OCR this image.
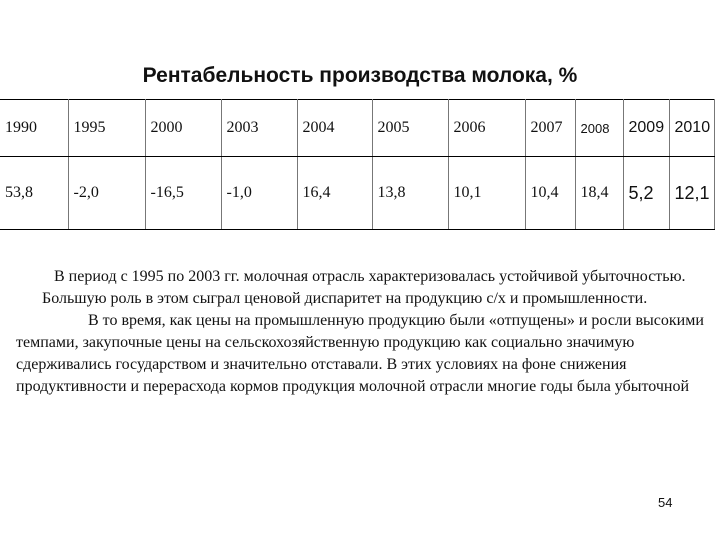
Рентабельность производства молока, %
1990	1995	2000	2003	2004	2005	2006	2007	2008	2009	2010
53,8	-2,0	-16,5	-1,0	16,4	13,8	10,1	10,4	18,4	5,2	12,1

В период с 1995 по 2003 гг. молочная отрасль характеризовалась устойчивой убыточностью.

Большую роль в этом сыграл ценовой диспаритет на продукцию с/х и промышленности.

В то время, как цены на промышленную продукцию были «отпущены» и росли высокими темпами, закупочные цены на сельскохозяйственную продукцию как социально значимую сдерживались государством и значительно отставали. В этих условиях на фоне снижения продуктивности и перерасхода кормов продукция молочной отрасли многие годы была убыточной

54
